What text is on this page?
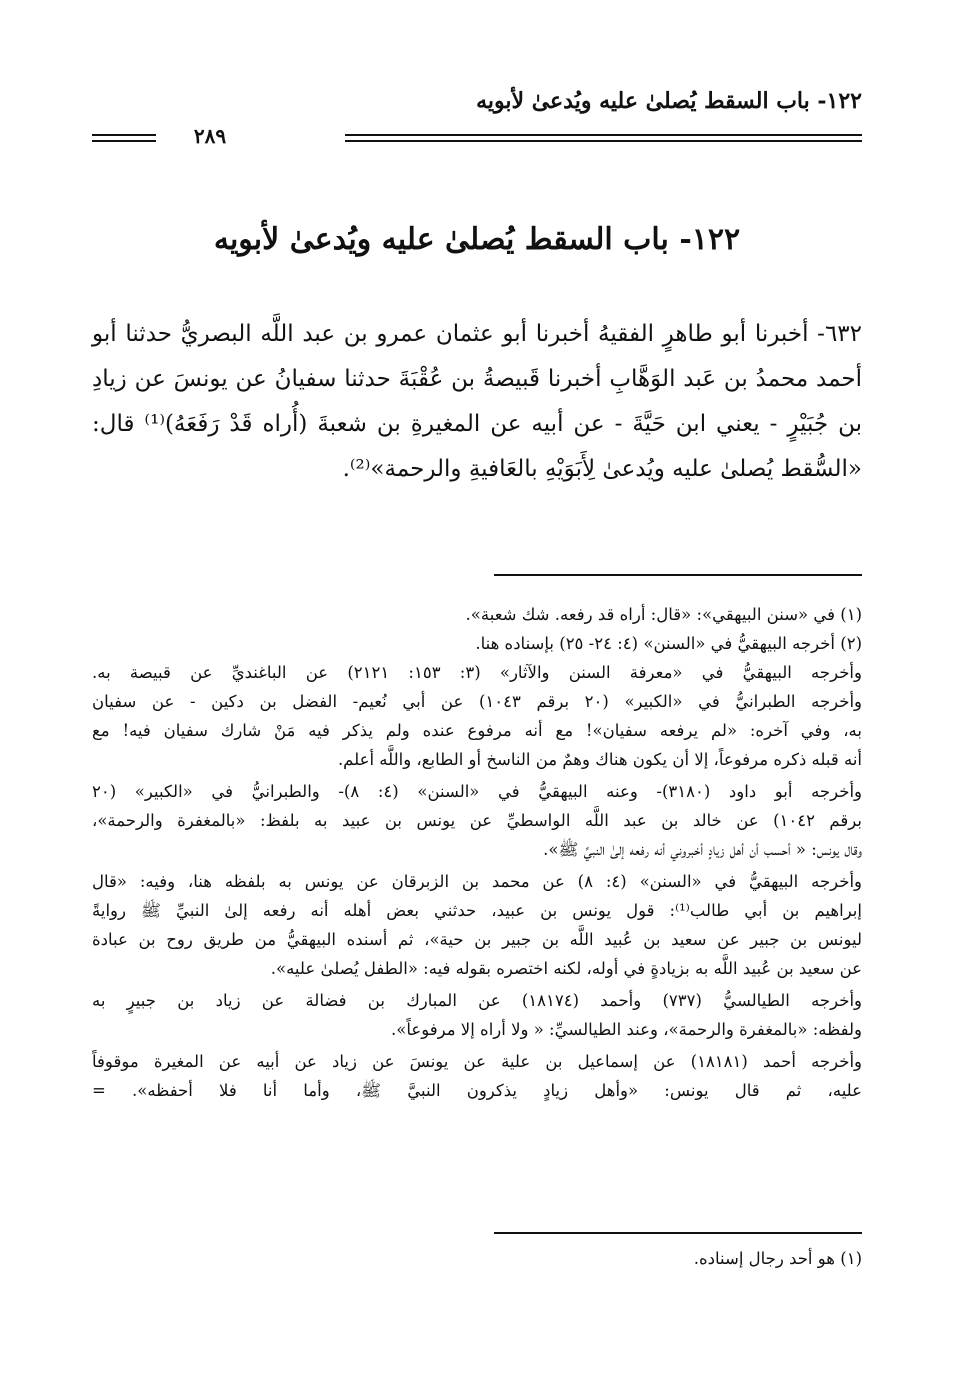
١٢٢- باب السقط يُصلىٰ عليه ويُدعىٰ لأبويه
٢٨٩
١٢٢- باب السقط يُصلىٰ عليه ويُدعىٰ لأبويه

٦٣٢- أخبرنا أبو طاهرٍ الفقيهُ أخبرنا أبو عثمان عمرو بن عبد اللَّه البصريُّ حدثنا أبو أحمد محمدُ بن عَبد الوَهَّابِ أخبرنا قَبيصةُ بن عُقْبَةَ حدثنا سفيانُ عن يونسَ عن زيادِ بن جُبَيْرٍ - يعني ابن حَيَّةَ - عن أبيه عن المغيرةِ بن شعبةَ (أُراه قَدْ رَفَعَهُ)⁽¹⁾ قال: «السُّقط يُصلىٰ عليه ويُدعىٰ لِأَبَوَيْهِ بالعَافيةِ والرحمة»⁽²⁾.

(١) في «سنن البيهقي»: «قال: أراه قد رفعه. شك شعبة».
(٢) أخرجه البيهقيُّ في «السنن» (٤: ٢٤- ٢٥) بإسناده هنا.
وأخرجه البيهقيُّ في «معرفة السنن والآثار» (٣: ١٥٣: ٢١٢١) عن الباغنديِّ عن قبيصة به.
وأخرجه الطبرانيُّ في «الكبير» (٢٠ برقم ١٠٤٣) عن أبي نُعيم- الفضل بن دكين - عن سفيان
به، وفي آخره: «لم يرفعه سفيان»! مع أنه مرفوع عنده ولم يذكر فيه مَنْ شارك سفيان فيه! مع
أنه قبله ذكره مرفوعاً، إلا أن يكون هناك وهمٌ من الناسخ أو الطابع، واللَّه أعلم.
وأخرجه أبو داود (٣١٨٠)- وعنه البيهقيُّ في «السنن» (٤: ٨)- والطبرانيُّ في «الكبير» (٢٠
برقم ١٠٤٢) عن خالد بن عبد اللَّه الواسطيِّ عن يونس بن عبيد به بلفظ: «بالمغفرة والرحمة»،
وقال يونس: « أحسب أن أهل زيادٍ أخبروني أنه رفعه إلىٰ النبيِّ ﷺ».
وأخرجه البيهقيُّ في «السنن» (٤: ٨) عن محمد بن الزبرقان عن يونس به بلفظه هنا، وفيه: «قال
إبراهيم بن أبي طالب⁽¹⁾: قول يونس بن عبيد، حدثني بعض أهله أنه رفعه إلىٰ النبيِّ ﷺ روايةً
ليونس بن جبير عن سعيد بن عُبيد اللَّه بن جبير بن حية»، ثم أسنده البيهقيُّ من طريق روح بن عبادة
عن سعيد بن عُبيد اللَّه به بزيادةٍ في أوله، لكنه اختصره بقوله فيه: «الطفل يُصلىٰ عليه».
وأخرجه الطيالسيُّ (٧٣٧) وأحمد (١٨١٧٤) عن المبارك بن فضالة عن زياد بن جبيرٍ به
ولفظه: «بالمغفرة والرحمة»، وعند الطيالسيِّ: « ولا أراه إلا مرفوعاً».
وأخرجه أحمد (١٨١٨١) عن إسماعيل بن علية عن يونسَ عن زياد عن أبيه عن المغيرة موقوفاً
عليه، ثم قال يونس: «وأهل زيادٍ يذكرون النبيَّ ﷺ، وأما أنا فلا أحفظه». =
(١) هو أحد رجال إسناده.
